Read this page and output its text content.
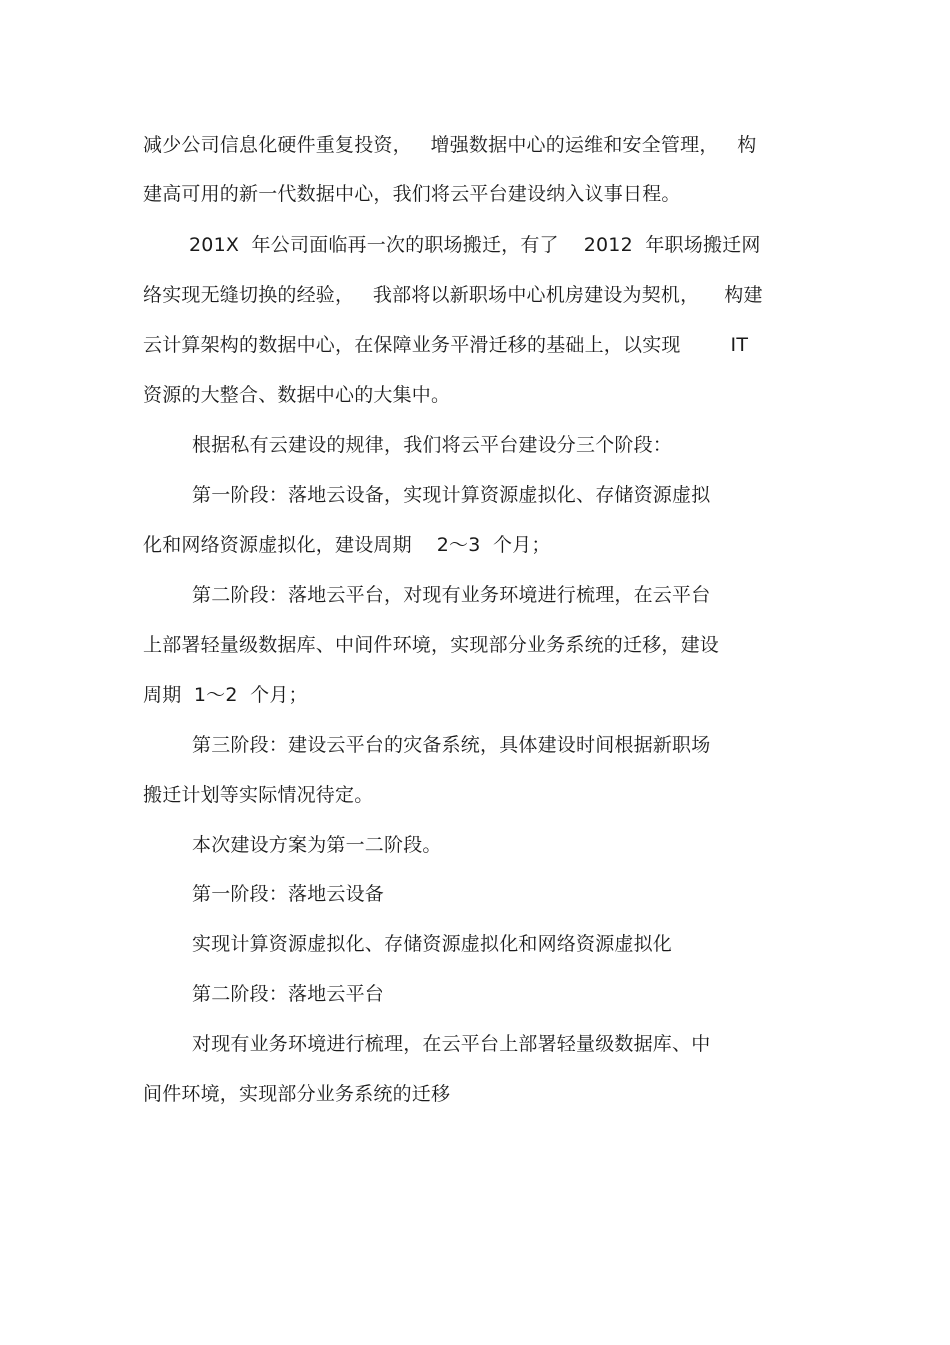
减少公司信息化硬件重复投资，   增强数据中心的运维和安全管理，   构
建高可用的新一代数据中心，我们将云平台建设纳入议事日程。
201X  年公司面临再一次的职场搬迁，有了    2012  年职场搬迁网
络实现无缝切换的经验，   我部将以新职场中心机房建设为契机，    构建
云计算架构的数据中心，在保障业务平滑迁移的基础上，以实现        IT
资源的大整合、数据中心的大集中。
根据私有云建设的规律，我们将云平台建设分三个阶段：
第一阶段：落地云设备，实现计算资源虚拟化、存储资源虚拟
化和网络资源虚拟化，建设周期    2～3  个月；
第二阶段：落地云平台，对现有业务环境进行梳理，在云平台
上部署轻量级数据库、中间件环境，实现部分业务系统的迁移，建设
周期  1～2  个月；
第三阶段：建设云平台的灾备系统，具体建设时间根据新职场
搬迁计划等实际情况待定。
本次建设方案为第一二阶段。
第一阶段：落地云设备
实现计算资源虚拟化、存储资源虚拟化和网络资源虚拟化
第二阶段：落地云平台
对现有业务环境进行梳理，在云平台上部署轻量级数据库、中
间件环境，实现部分业务系统的迁移
